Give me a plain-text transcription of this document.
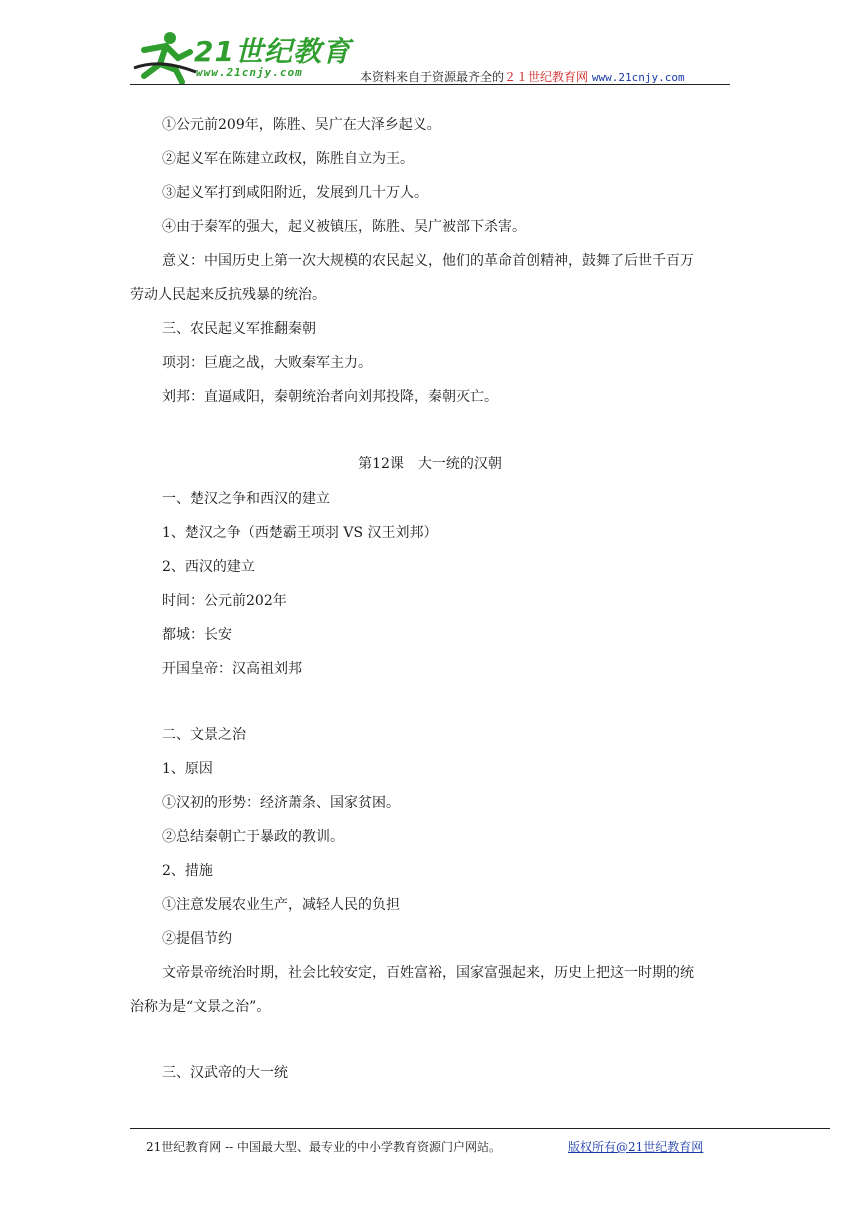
21世纪教育
www.21cnjy.com	本资料来自于资源最齐全的２１世纪教育网 www.21cnjy.com
①公元前209年，陈胜、吴广在大泽乡起义。
②起义军在陈建立政权，陈胜自立为王。
③起义军打到咸阳附近，发展到几十万人。
④由于秦军的强大，起义被镇压，陈胜、吴广被部下杀害。
意义：中国历史上第一次大规模的农民起义，他们的革命首创精神，鼓舞了后世千百万
劳动人民起来反抗残暴的统治。
三、农民起义军推翻秦朝
项羽：巨鹿之战，大败秦军主力。
刘邦：直逼咸阳，秦朝统治者向刘邦投降，秦朝灭亡。
第12课　大一统的汉朝
一、楚汉之争和西汉的建立
1、楚汉之争（西楚霸王项羽 VS 汉王刘邦）
2、西汉的建立
时间：公元前202年
都城：长安
开国皇帝：汉高祖刘邦
二、文景之治
1、原因
①汉初的形势：经济萧条、国家贫困。
②总结秦朝亡于暴政的教训。
2、措施
①注意发展农业生产，减轻人民的负担
②提倡节约
文帝景帝统治时期，社会比较安定，百姓富裕，国家富强起来，历史上把这一时期的统
治称为是“文景之治”。
三、汉武帝的大一统
21世纪教育网 -- 中国最大型、最专业的中小学教育资源门户网站。	版权所有@21世纪教育网
